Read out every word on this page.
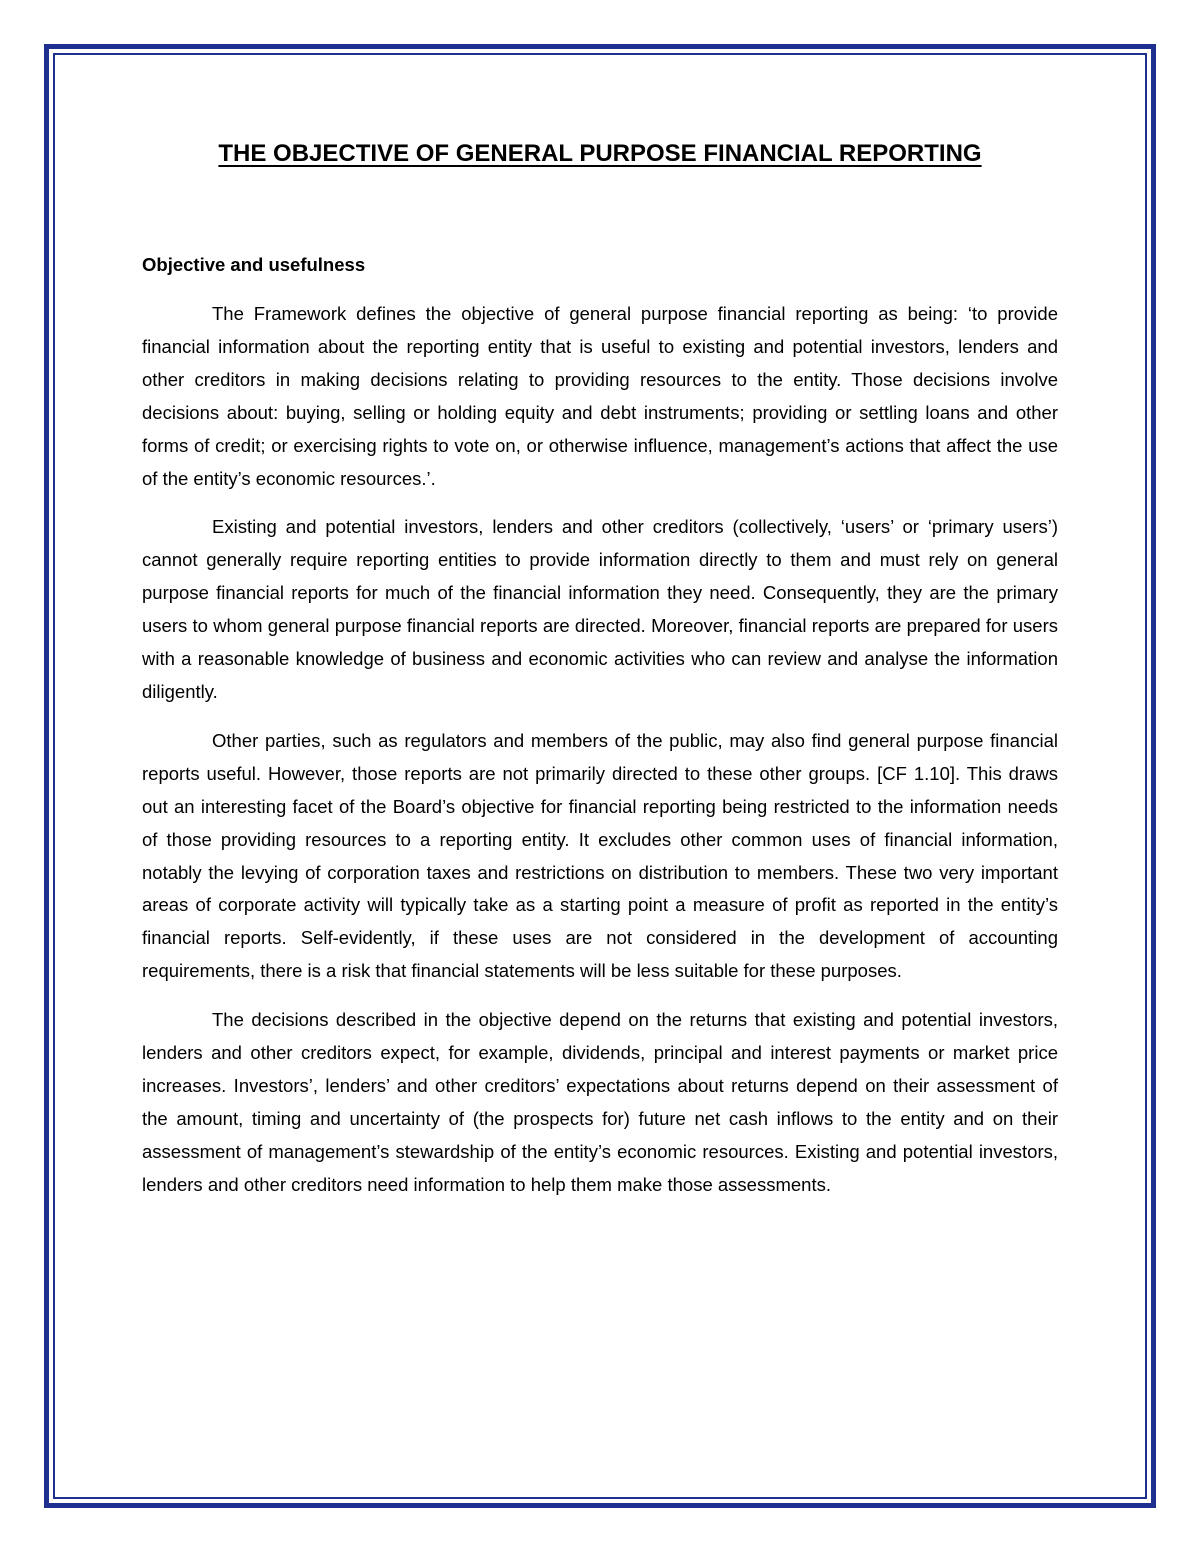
THE OBJECTIVE OF GENERAL PURPOSE FINANCIAL REPORTING
Objective and usefulness

The Framework defines the objective of general purpose financial reporting as being: ‘to provide financial information about the reporting entity that is useful to existing and potential investors, lenders and other creditors in making decisions relating to providing resources to the entity. Those decisions involve decisions about: buying, selling or holding equity and debt instruments; providing or settling loans and other forms of credit; or exercising rights to vote on, or otherwise influence, management’s actions that affect the use of the entity’s economic resources.’.

Existing and potential investors, lenders and other creditors (collectively, ‘users’ or ‘primary users’) cannot generally require reporting entities to provide information directly to them and must rely on general purpose financial reports for much of the financial information they need. Consequently, they are the primary users to whom general purpose financial reports are directed. Moreover, financial reports are prepared for users with a reasonable knowledge of business and economic activities who can review and analyse the information diligently.

Other parties, such as regulators and members of the public, may also find general purpose financial reports useful. However, those reports are not primarily directed to these other groups. [CF 1.10]. This draws out an interesting facet of the Board’s objective for financial reporting being restricted to the information needs of those providing resources to a reporting entity. It excludes other common uses of financial information, notably the levying of corporation taxes and restrictions on distribution to members. These two very important areas of corporate activity will typically take as a starting point a measure of profit as reported in the entity’s financial reports. Self-evidently, if these uses are not considered in the development of accounting requirements, there is a risk that financial statements will be less suitable for these purposes.

The decisions described in the objective depend on the returns that existing and potential investors, lenders and other creditors expect, for example, dividends, principal and interest payments or market price increases. Investors’, lenders’ and other creditors’ expectations about returns depend on their assessment of the amount, timing and uncertainty of (the prospects for) future net cash inflows to the entity and on their assessment of management’s stewardship of the entity’s economic resources. Existing and potential investors, lenders and other creditors need information to help them make those assessments.
